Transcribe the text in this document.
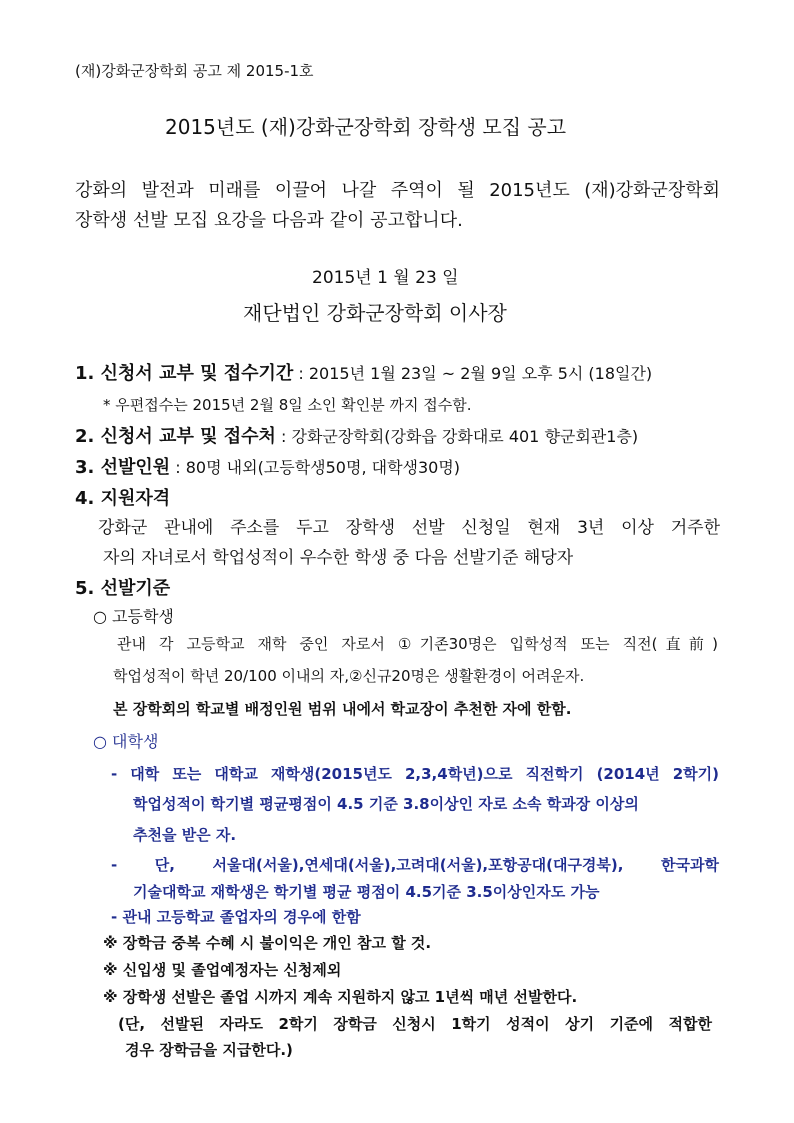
(재)강화군장학회 공고 제 2015-1호
2015년도 (재)강화군장학회 장학생 모집 공고
강화의 발전과 미래를 이끌어 나갈 주역이 될 2015년도 (재)강화군장학회
장학생 선발 모집 요강을 다음과 같이 공고합니다.
2015년 1 월 23 일
재단법인 강화군장학회 이사장
1. 신청서 교부 및 접수기간 : 2015년 1월 23일 ~ 2월 9일 오후 5시 (18일간)
* 우편접수는 2015년 2월 8일 소인 확인분 까지 접수함.
2. 신청서 교부 및 접수처 : 강화군장학회(강화읍 강화대로 401 향군회관1층)
3. 선발인원 : 80명 내외(고등학생50명, 대학생30명)
4. 지원자격
강화군 관내에 주소를 두고 장학생 선발 신청일 현재 3년 이상 거주한
자의 자녀로서 학업성적이 우수한 학생 중 다음 선발기준 해당자
5. 선발기준
○ 고등학생
관내 각 고등학교 재학 중인 자로서 ①기존30명은 입학성적 또는 직전(直前)
학업성적이 학년 20/100 이내의 자,②신규20명은 생활환경이 어려운자.
본 장학회의 학교별 배정인원 범위 내에서 학교장이 추천한 자에 한함.
○ 대학생
- 대학 또는 대학교 재학생(2015년도 2,3,4학년)으로 직전학기 (2014년 2학기)
학업성적이 학기별 평균평점이 4.5 기준 3.8이상인 자로 소속 학과장 이상의
추천을 받은 자.
- 단, 서울대(서울),연세대(서울),고려대(서울),포항공대(대구경북), 한국과학
기술대학교 재학생은 학기별 평균 평점이 4.5기준 3.5이상인자도 가능
- 관내 고등학교 졸업자의 경우에 한함
※ 장학금 중복 수혜 시 불이익은 개인 참고 할 것.
※ 신입생 및 졸업예정자는 신청제외
※ 장학생 선발은 졸업 시까지 계속 지원하지 않고 1년씩 매년 선발한다.
(단, 선발된 자라도 2학기 장학금 신청시 1학기 성적이 상기 기준에 적합한
경우 장학금을 지급한다.)
